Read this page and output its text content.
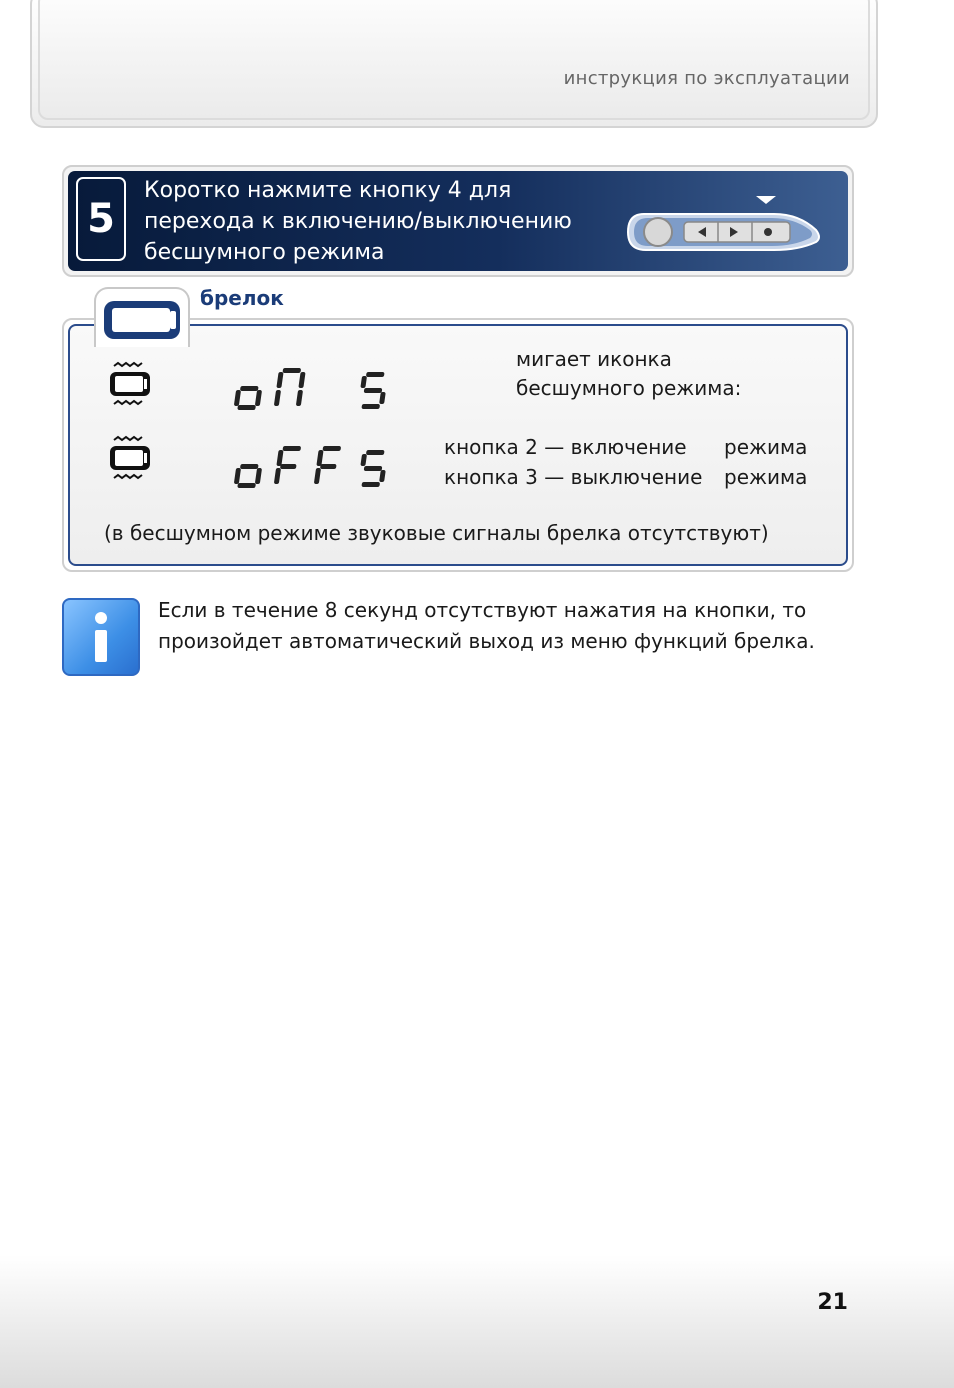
инструкция по эксплуатации
5
Коротко нажмите кнопку 4 для
перехода к включению/выключению
бесшумного режима
брелок
мигает иконка
бесшумного режима:
кнопка 2 — включение режима
кнопка 3 — выключение режима
(в бесшумном режиме звуковые сигналы брелка отсутствуют)
Если в течение 8 секунд отсутствуют нажатия на кнопки, то
произойдет автоматический выход из меню функций брелка.
21
